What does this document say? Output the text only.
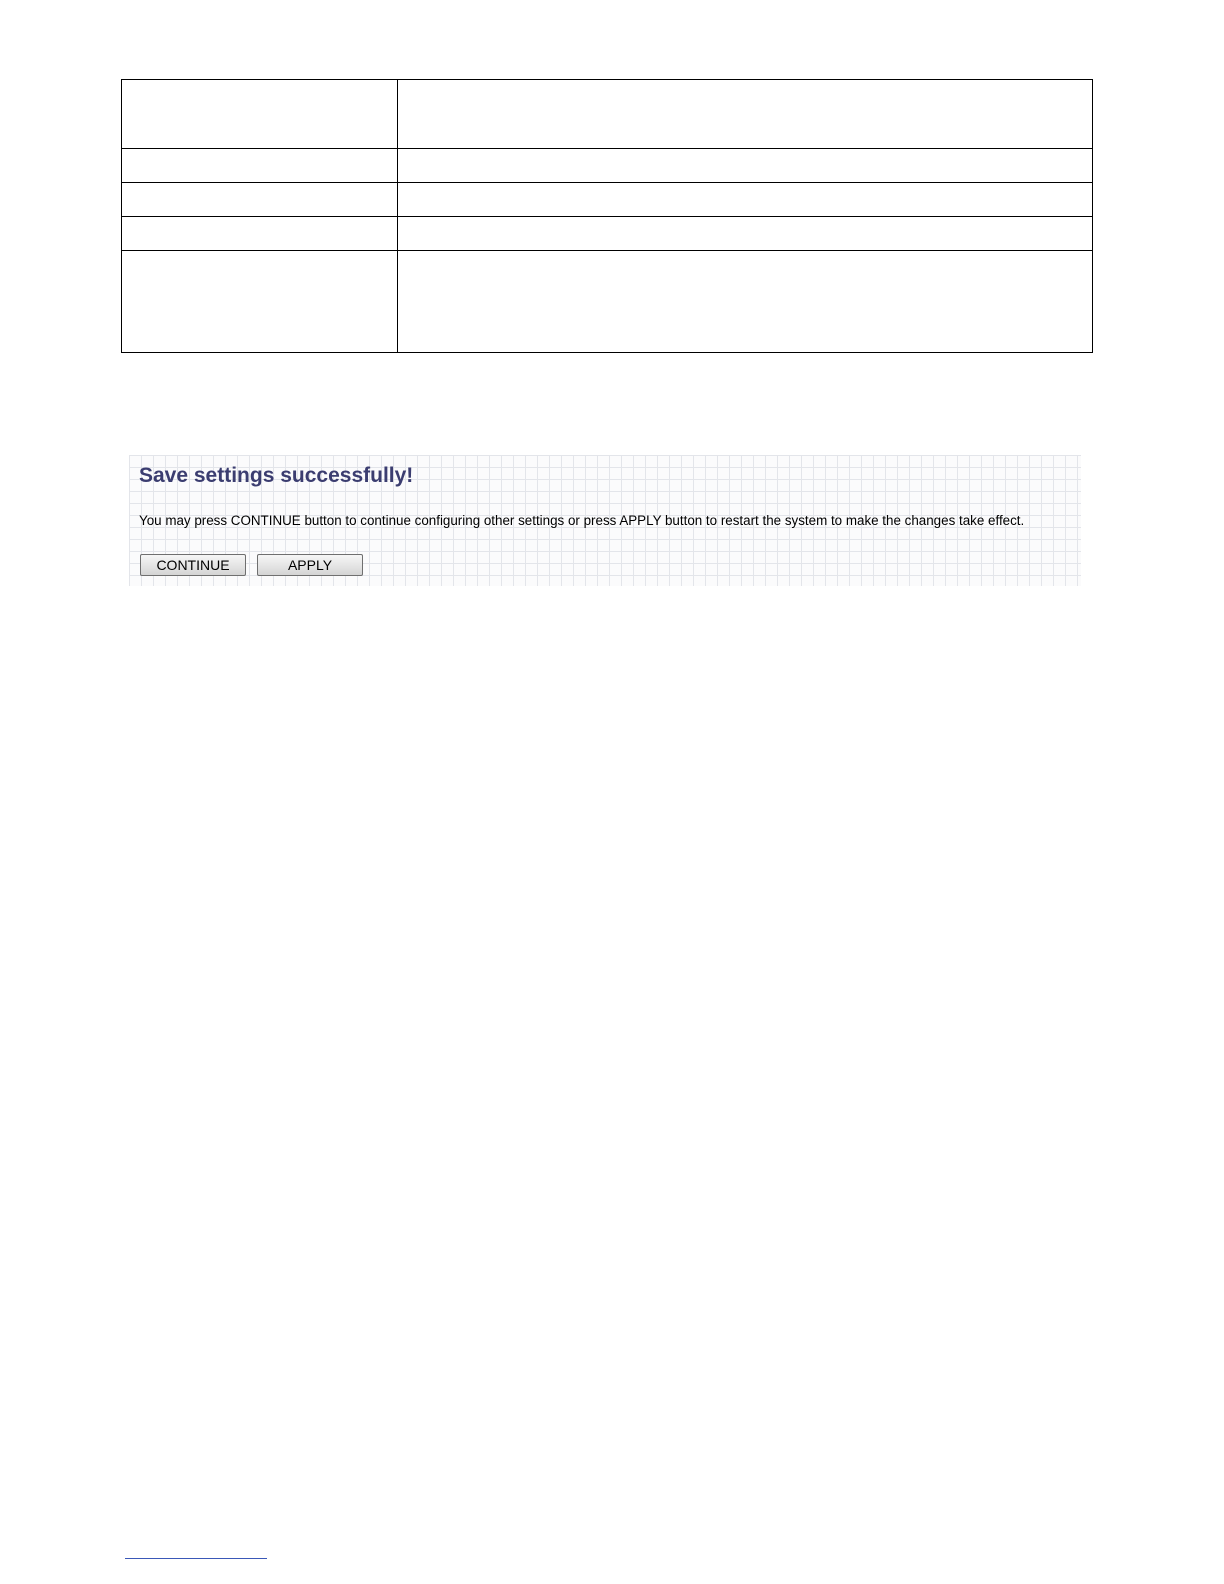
Save settings successfully!

You may press CONTINUE button to continue configuring other settings or press APPLY button to restart the system to make the changes take effect.

CONTINUE	APPLY
